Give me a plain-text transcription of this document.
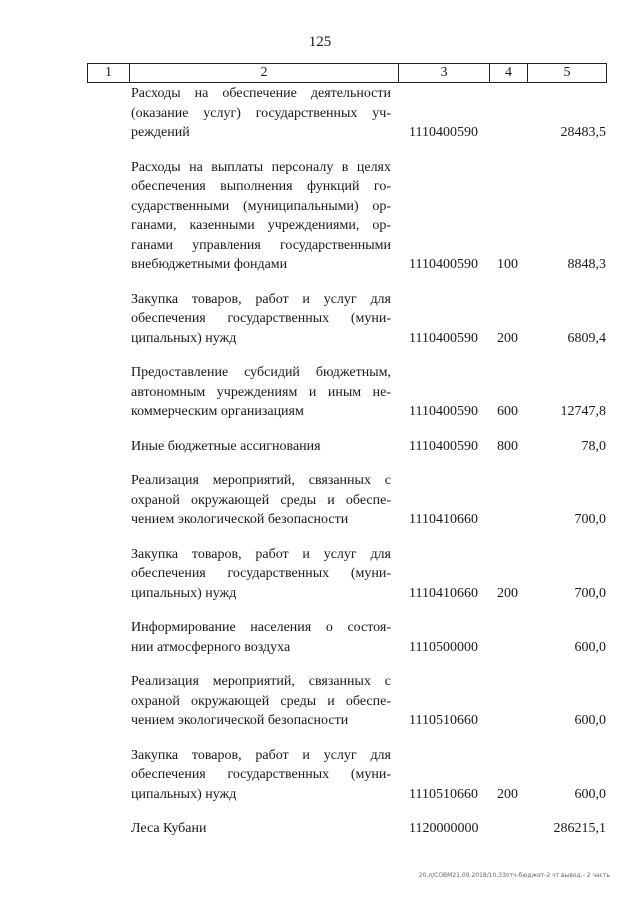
125
1	2	3	4	5
Расходы на обеспечение деятельности
(оказание услуг) государственных уч-
реждений	1110400590	28483,5
Расходы на выплаты персоналу в целях
обеспечения выполнения функций го-
сударственными (муниципальными) ор-
ганами, казенными учреждениями, ор-
ганами управления государственными
внебюджетными фондами	1110400590 100	8848,3
Закупка товаров, работ и услуг для
обеспечения государственных (муни-
ципальных) нужд	1110400590 200	6809,4
Предоставление субсидий бюджетным,
автономным учреждениям и иным не-
коммерческим организациям	1110400590 600	12747,8
Иные бюджетные ассигнования	1110400590 800	78,0
Реализация мероприятий, связанных с
охраной окружающей среды и обеспе-
чением экологической безопасности	1110410660	700,0
Закупка товаров, работ и услуг для
обеспечения государственных (муни-
ципальных) нужд	1110410660 200	700,0
Информирование населения о состоя-
нии атмосферного воздуха	1110500000	600,0
Реализация мероприятий, связанных с
охраной окружающей среды и обеспе-
чением экологической безопасности	1110510660	600,0
Закупка товаров, работ и услуг для
обеспечения государственных (муни-
ципальных) нужд	1110510660 200	600,0
Леса Кубани	1120000000	286215,1
20.л/СОВМ21.09.2018/10.33отч-бюджет-2 чт.вывод.- 2 часть
